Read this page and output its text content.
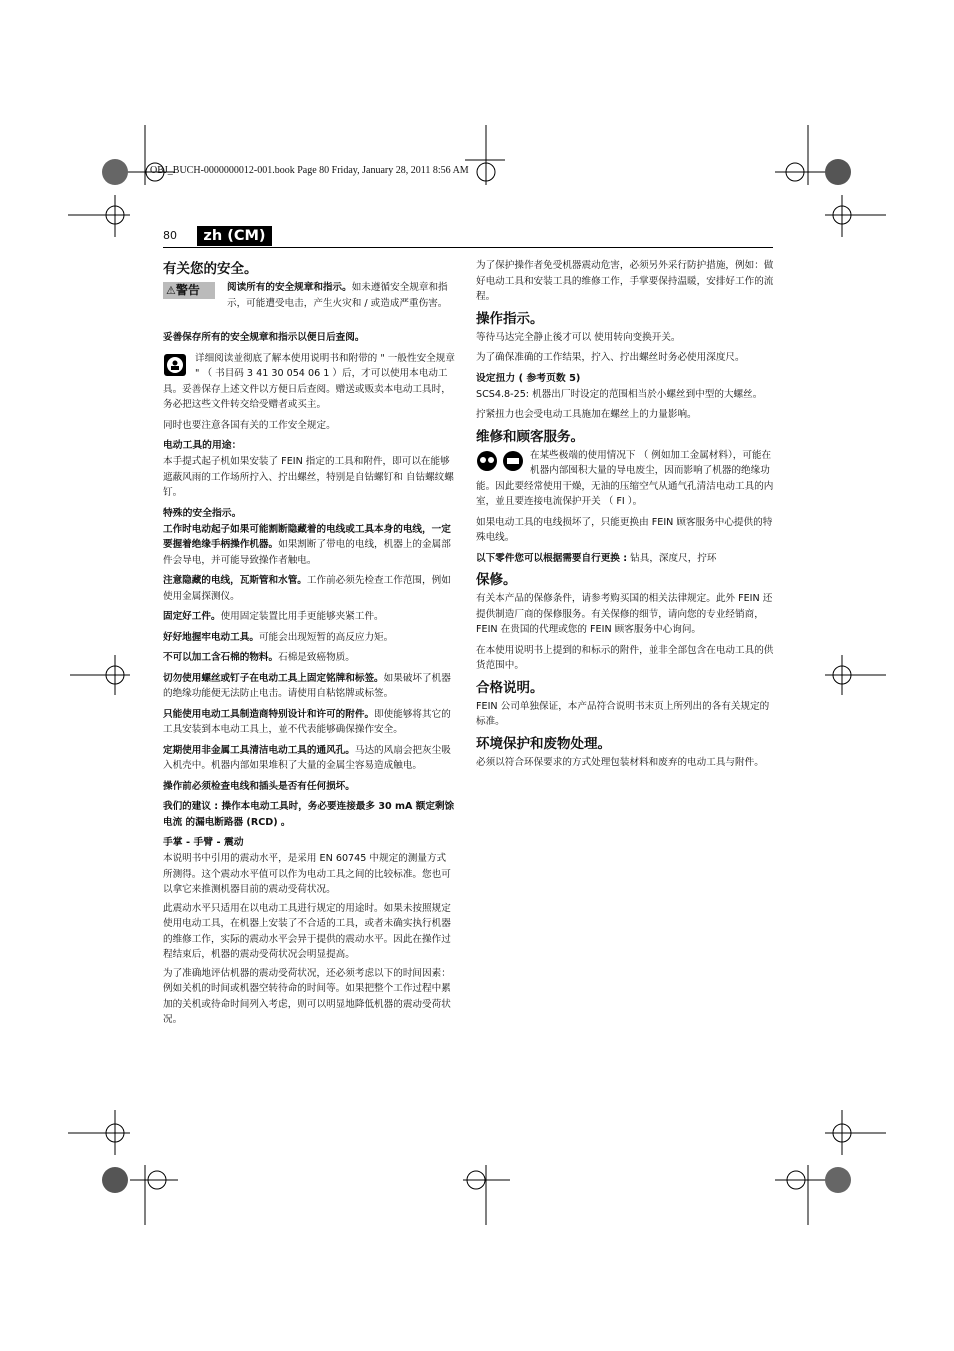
OBJ_BUCH-0000000012-001.book Page 80 Friday, January 28, 2011 8:56 AM
80	zh (CM)
有关您的安全。
⚠警告	阅读所有的安全规章和指示。如未遵循安全规章和指示，可能遭受电击，产生火灾和 / 或造成严重伤害。

妥善保存所有的安全规章和指示以便日后查阅。

详细阅读並彻底了解本使用说明书和附带的 " 一般性安全规章 " （ 书目码 3 41 30 054 06 1 ）后，才可以使用本电动工具。妥善保存上述文件以方便日后查阅。赠送或贩卖本电动工具时，务必把这些文件转交给受赠者或买主。

同时也要注意各国有关的工作安全规定。

电动工具的用途：

本手提式起子机如果安装了 FEIN 指定的工具和附件，即可以在能够遮蔽风雨的工作场所拧入、拧出螺丝，特别是自钻螺钉和 自钻螺纹螺钉。

特殊的安全指示。

工作时电动起子如果可能割断隐藏着的电线或工具本身的电线，一定要握着绝缘手柄操作机器。如果割断了带电的电线，机器上的金属部件会导电，并可能导致操作者触电。

注意隐藏的电线，瓦斯管和水管。工作前必须先检查工作范围，例如使用金属探测仪。

固定好工件。使用固定装置比用手更能够夹紧工件。

好好地握牢电动工具。可能会出现短暂的高反应力矩。

不可以加工含石棉的物料。石棉是致癌物质。

切勿使用螺丝或钉子在电动工具上固定铭牌和标签。如果破坏了机器的绝缘功能便无法防止电击。请使用自粘铭牌或标签。

只能使用电动工具制造商特别设计和许可的附件。即使能够将其它的工具安装到本电动工具上，並不代表能够确保操作安全。

定期使用非金属工具清洁电动工具的通风孔。马达的风扇会把灰尘吸入机壳中。机器内部如果堆积了大量的金属尘容易造成触电。

操作前必须检查电线和插头是否有任何损坏。

我们的建议 : 操作本电动工具时，务必要连接最多 30 mA 额定剩馀电流 的漏电断路器 (RCD) 。

手掌 - 手臂 - 震动

本说明书中引用的震动水平，是采用 EN 60745 中规定的测量方式所测得。这个震动水平值可以作为电动工具之间的比较标准。您也可以拿它来推测机器目前的震动受荷状况。

此震动水平只适用在以电动工具进行规定的用途时。如果未按照规定使用电动工具，在机器上安装了不合适的工具，或者未确实执行机器的维修工作，实际的震动水平会异于提供的震动水平。因此在操作过程结束后，机器的震动受荷状况会明显提高。

为了准确地评估机器的震动受荷状况，还必须考虑以下的时间因素：例如关机的时间或机器空转待命的时间等。如果把整个工作过程中累加的关机或待命时间列入考虑，则可以明显地降低机器的震动受荷状况。

为了保护操作者免受机器震动危害，必须另外采行防护措施，例如：做好电动工具和安装工具的维修工作，手掌要保持温暖，安排好工作的流程。

操作指示。

等待马达完全静止後才可以 使用转向变换开关。

为了确保准确的工作结果，拧入、拧出螺丝时务必使用深度尺。

设定扭力 ( 参考页数 5)

SCS4.8-25: 机器出厂时设定的范围相当於小螺丝到中型的大螺丝。

拧紧扭力也会受电动工具施加在螺丝上的力量影响。

维修和顾客服务。

在某些极端的使用情况下 （ 例如加工金属材料），可能在机器内部囤积大量的导电废尘，因而影响了机器的绝缘功能。因此要经常使用干燥，无油的压缩空气从通气孔清洁电动工具的内室，並且要连接电流保护开关 （ FI ）。

如果电动工具的电线损坏了，只能更换由 FEIN 顾客服务中心提供的特殊电线。

以下零件您可以根据需要自行更换 : 钻具，深度尺，拧环

保修。

有关本产品的保修条件，请参考购买国的相关法律规定。此外 FEIN 还提供制造厂商的保修服务。有关保修的细节，请向您的专业经销商，FEIN 在贵国的代理或您的 FEIN 顾客服务中心询问。

在本使用说明书上提到的和标示的附件，並非全部包含在电动工具的供货范围中。

合格说明。

FEIN 公司单独保证，本产品符合说明书末页上所列出的各有关规定的标准。

环境保护和废物处理。

必须以符合环保要求的方式处理包装材料和废弃的电动工具与附件。
